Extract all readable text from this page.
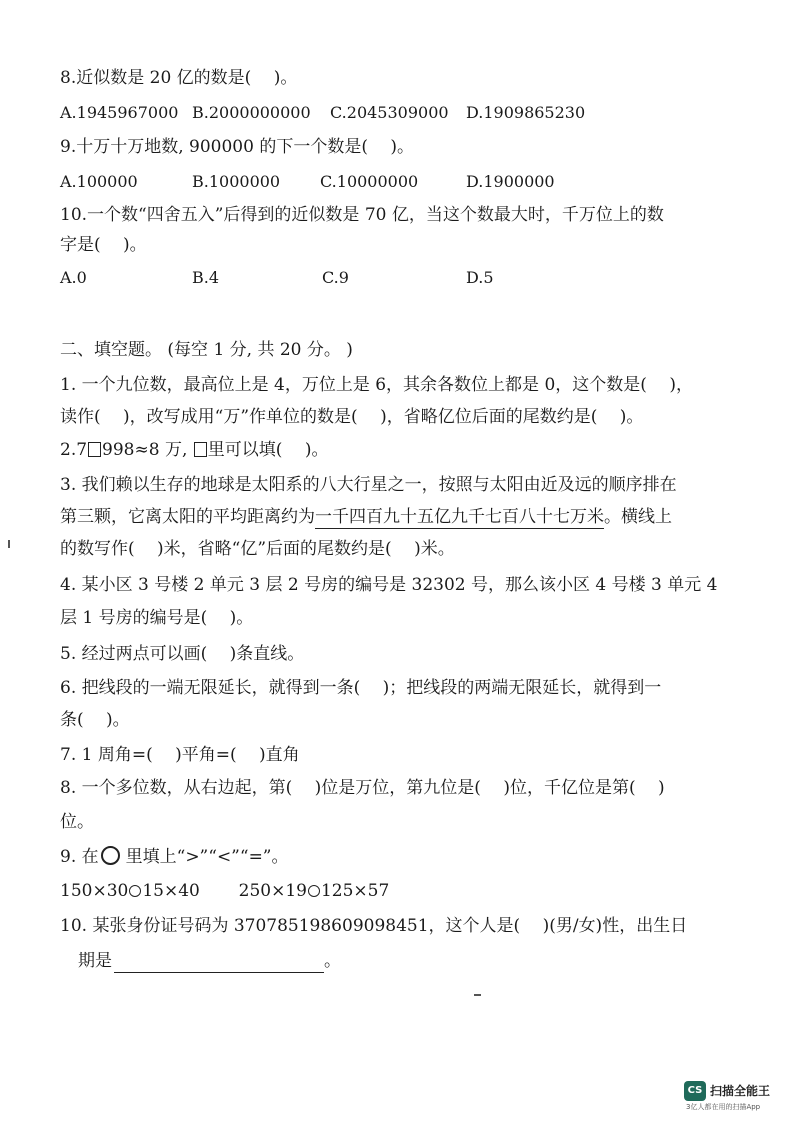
8.近似数是 20 亿的数是(　 )。
A.1945967000 B.2000000000 C.2045309000 D.1909865230
9.十万十万地数, 900000 的下一个数是(　 )。
A.100000	B.1000000 C.10000000	D.1900000
10.一个数“四舍五入”后得到的近似数是 70 亿，当这个数最大时，千万位上的数
字是(　 )。
A.0	B.4	C.9	D.5
二、填空题。 (每空 1 分, 共 20 分。 )
1. 一个九位数，最高位上是 4，万位上是 6，其余各数位上都是 0，这个数是(　 )，
读作(　 )，改写成用“万”作单位的数是(　 )，省略亿位后面的尾数约是(　 )。
2.7 998≈8 万, 里可以填(　 )。
3. 我们赖以生存的地球是太阳系的八大行星之一，按照与太阳由近及远的顺序排在
第三颗，它离太阳的平均距离约为一千四百九十五亿九千七百八十七万米。横线上
的数写作(　 )米，省略“亿”后面的尾数约是(　 )米。
4. 某小区 3 号楼 2 单元 3 层 2 号房的编号是 32302 号，那么该小区 4 号楼 3 单元 4
层 1 号房的编号是(　 )。
5. 经过两点可以画(　 )条直线。
6. 把线段的一端无限延长，就得到一条(　 )；把线段的两端无限延长，就得到一
条(　 )。
7. 1 周角=(　 )平角=(　 )直角
8. 一个多位数，从右边起，第(　 )位是万位，第九位是(　 )位，千亿位是第(　 )
位。
9. 在 里填上“>”“<”“=”。
150×30 15×40 250×19 125×57
10. 某张身份证号码为 370785198609098451，这个人是(　 )(男/女)性，出生日
期是	。
CS 扫描全能王
3亿人都在用的扫描App
